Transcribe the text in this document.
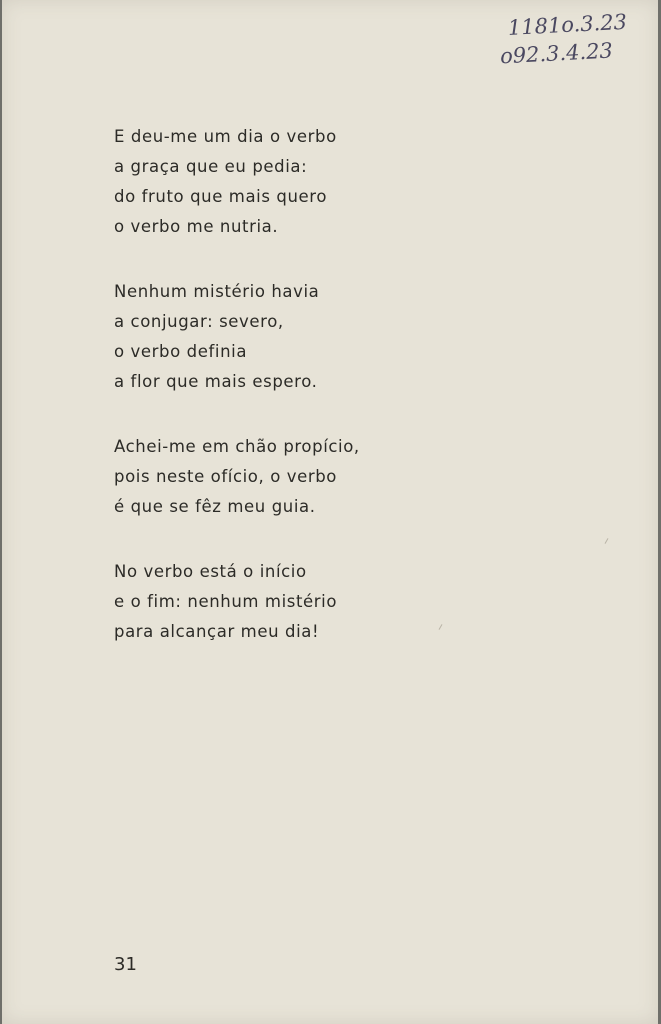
1181o.3.23
o92.3.4.23
E deu-me um dia o verbo
a graça que eu pedia:
do fruto que mais quero
o verbo me nutria.
Nenhum mistério havia
a conjugar: severo,
o verbo definia
a flor que mais espero.
Achei-me em chão propício,
pois neste ofício, o verbo
é que se fêz meu guia.
No verbo está o início
e o fim: nenhum mistério
para alcançar meu dia!
31
